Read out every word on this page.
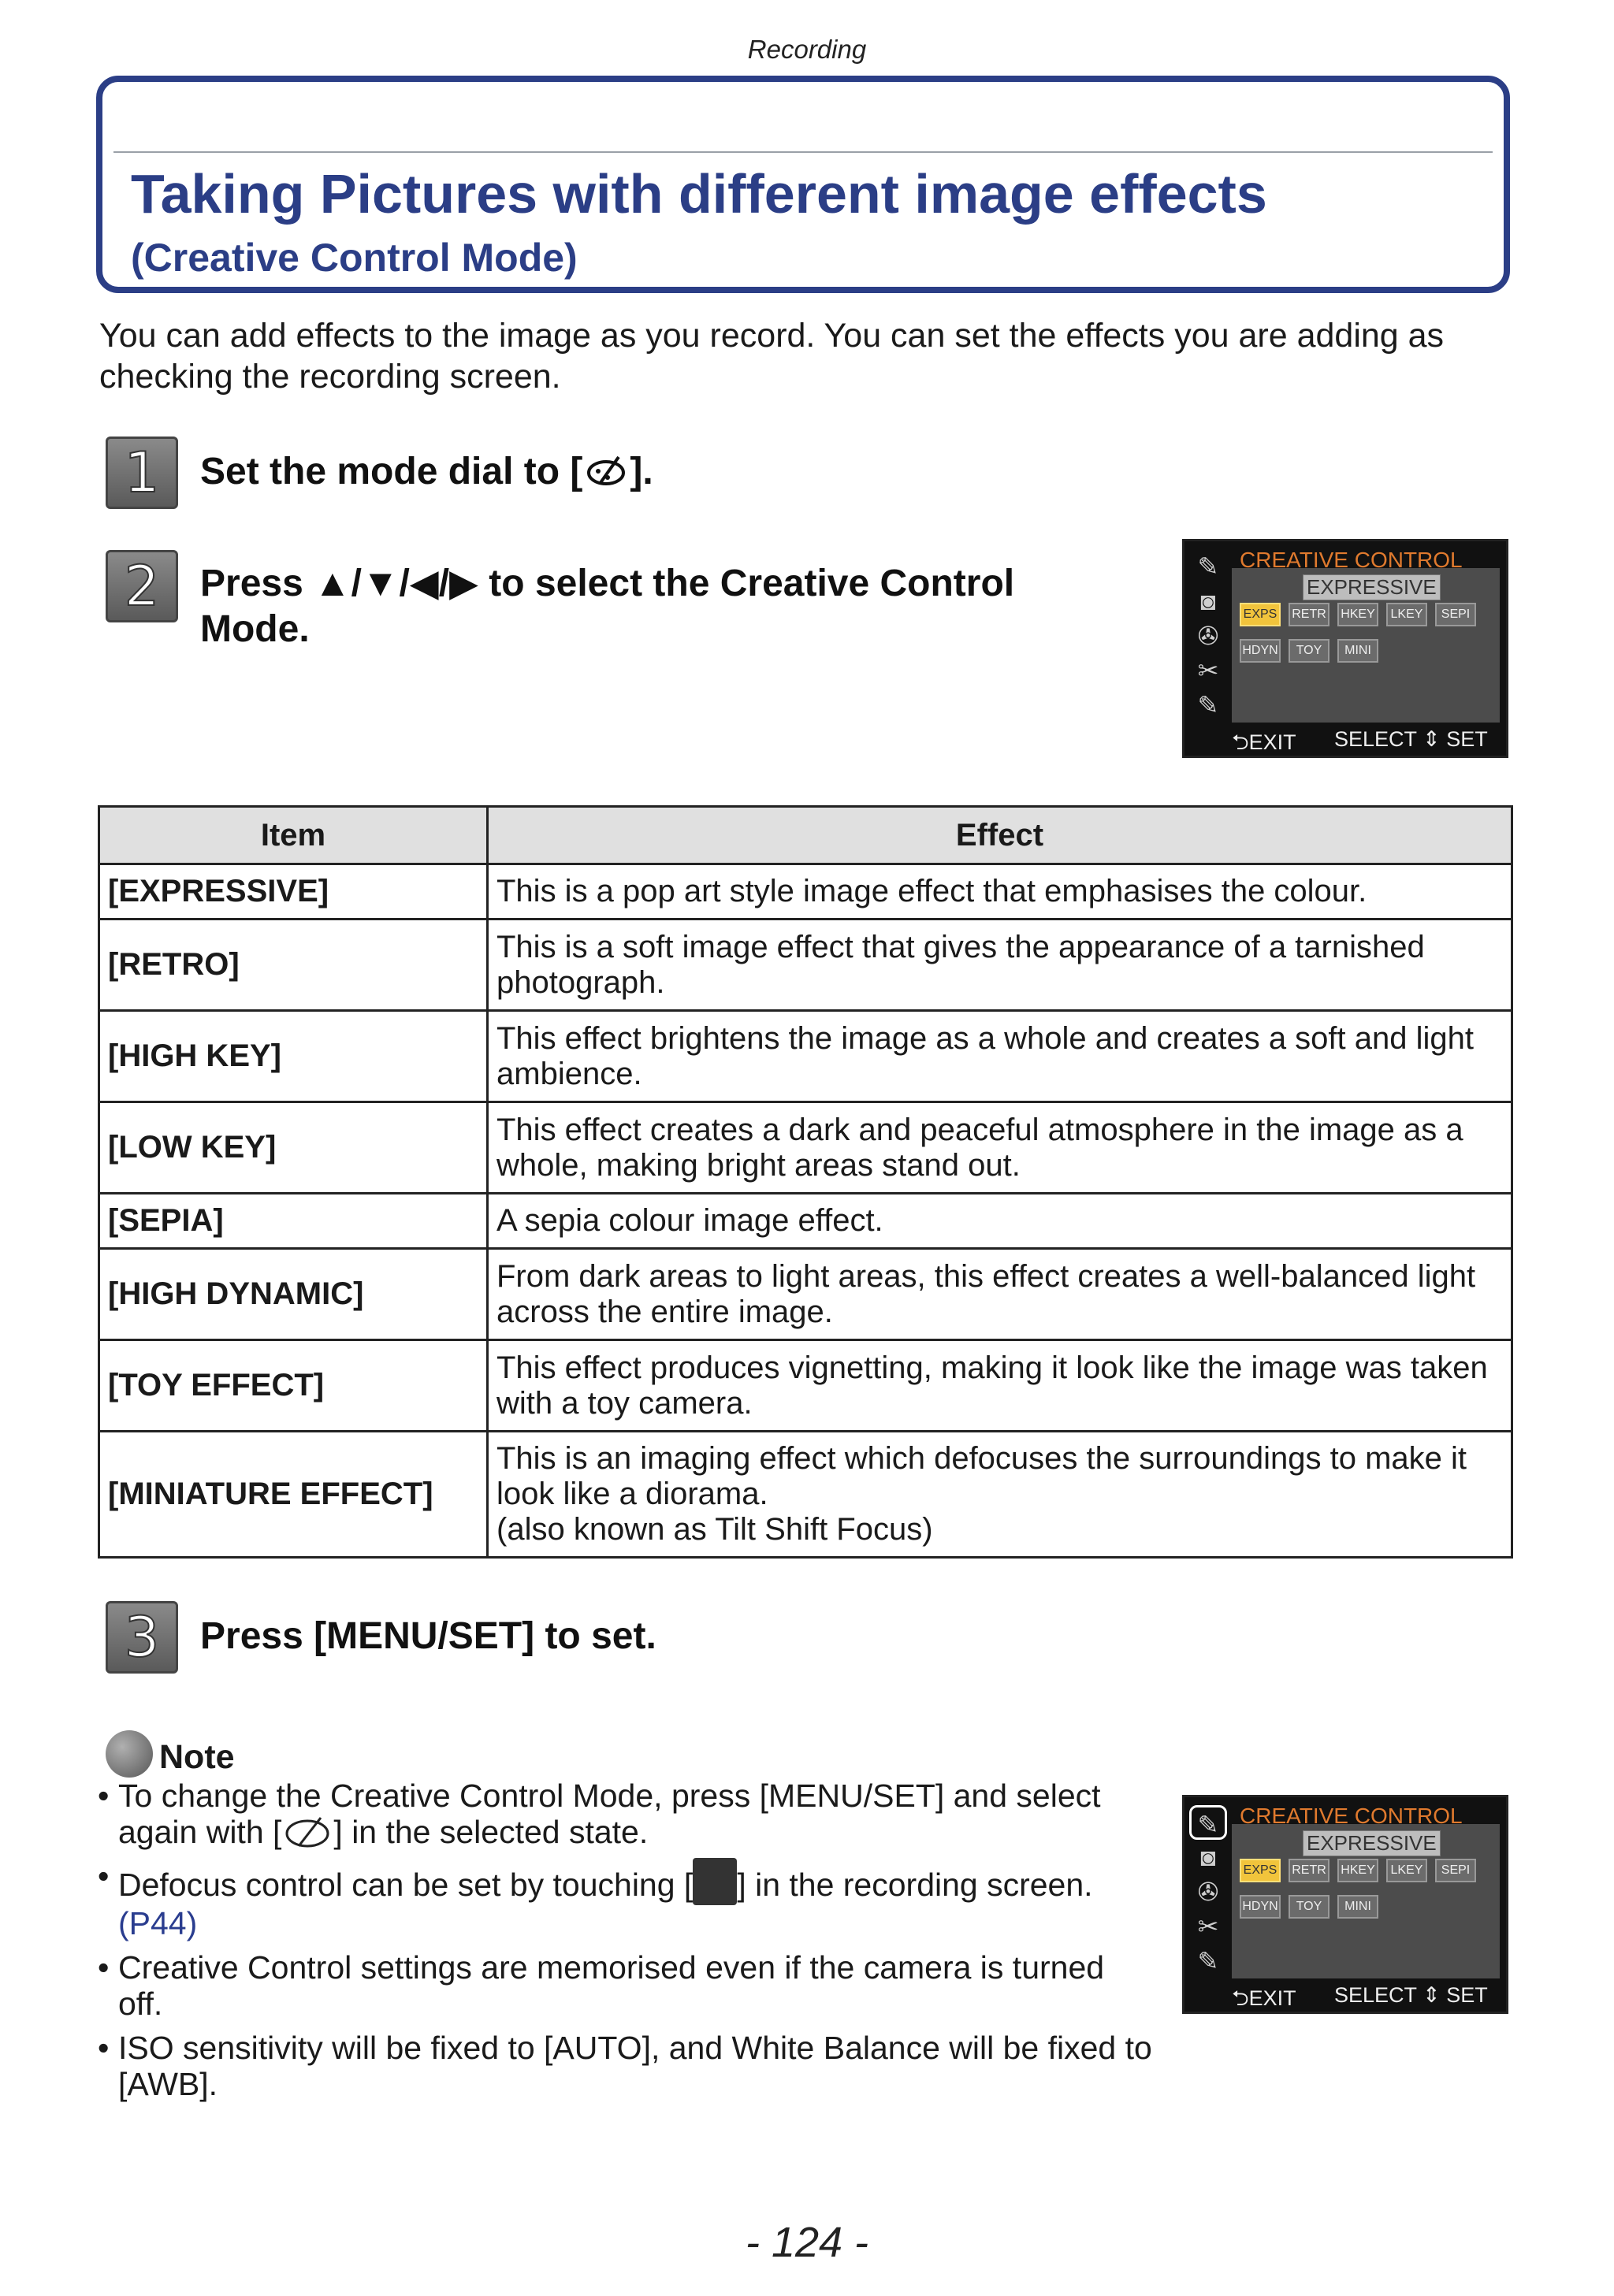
Recording
Taking Pictures with different image effects
(Creative Control Mode)
You can add effects to the image as you record. You can set the effects you are adding as checking the recording screen.
1	Set the mode dial to [ ].
2	Press ▲/▼/◀/▶ to select the Creative Control Mode.
✎
◙
✇
✂
✎
CREATIVE CONTROL
EXPRESSIVE
EXPS RETR HKEY	LKEY	SEPI
HDYN	TOY	MINI
⮌EXIT SELECT ⇕ SET
Item	Effect
[EXPRESSIVE]	This is a pop art style image effect that emphasises the colour.
[RETRO]	This is a soft image effect that gives the appearance of a tarnished photograph.
[HIGH KEY]	This effect brightens the image as a whole and creates a soft and light ambience.
[LOW KEY]	This effect creates a dark and peaceful atmosphere in the image as a whole, making bright areas stand out.
[SEPIA]	A sepia colour image effect.
[HIGH DYNAMIC]	From dark areas to light areas, this effect creates a well-balanced light across the entire image.
[TOY EFFECT]	This effect produces vignetting, making it look like the image was taken with a toy camera.
[MINIATURE EFFECT]	This is an imaging effect which defocuses the surroundings to make it look like a diorama.
(also known as Tilt Shift Focus)
3	Press [MENU/SET] to set.
Note
• To change the Creative Control Mode, press [MENU/SET] and select again with [ ] in the selected state.
• Defocus control can be set by touching [ ] in the recording screen.
(P44)
• Creative Control settings are memorised even if the camera is turned off.
• ISO sensitivity will be fixed to [AUTO], and White Balance will be fixed to [AWB].
✎
◙
✇
✂
✎
CREATIVE CONTROL
EXPRESSIVE
EXPS RETR HKEY	LKEY	SEPI
HDYN	TOY	MINI
⮌EXIT SELECT ⇕ SET
- 124 -
